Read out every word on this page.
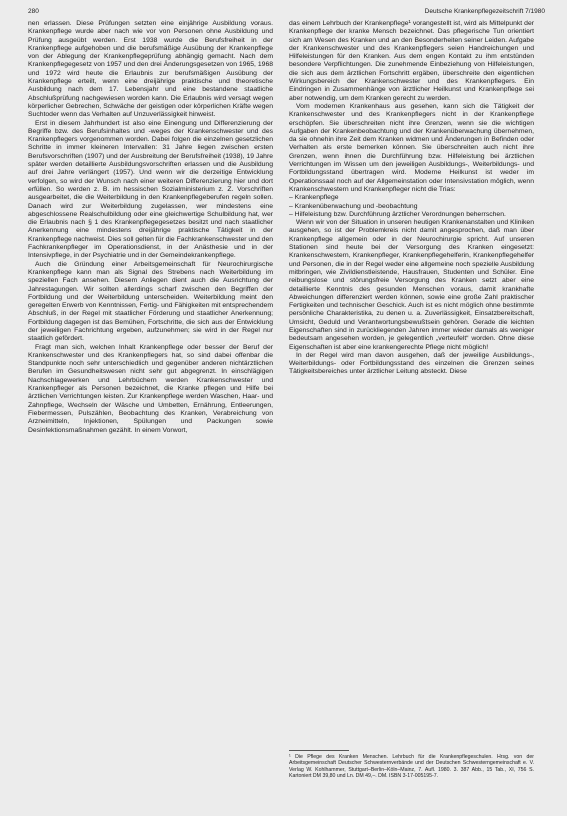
280	Deutsche Krankenpflegezeitschrift 7/1980

nen erlassen. Diese Prüfungen setzten eine einjährige Ausbildung voraus. Krankenpflege wurde aber nach wie vor von Personen ohne Ausbildung und Prüfung ausgeübt werden. Erst 1938 wurde die Berufsfreiheit in der Krankenpflege aufgehoben und die berufsmäßige Ausübung der Krankenpflege von der Ablegung der Krankenpflegeprüfung abhängig gemacht. Nach dem Krankenpflegegesetz von 1957 und den drei Änderungsgesetzen von 1965, 1968 und 1972 wird heute die Erlaubnis zur berufsmäßigen Ausübung der Krankenpflege erteilt, wenn eine dreijährige praktische und theoretische Ausbildung nach dem 17. Lebensjahr und eine bestandene staatliche Abschlußprüfung nachgewiesen worden kann. Die Erlaubnis wird versagt wegen körperlicher Gebrechen, Schwäche der geistigen oder körperlichen Kräfte wegen Suchtoder wenn das Verhalten auf Unzuverlässigkeit hinweist.

Erst in diesem Jahrhundert ist also eine Einengung und Differenzierung der Begriffe bzw. des Berufsinhaltes und -weges der Krankenschwester und des Krankenpflegers vorgenommen worden. Dabei folgen die einzelnen gesetzlichen Schritte in immer kleineren Intervallen: 31 Jahre liegen zwischen ersten Berufsvorschriften (1907) und der Ausbreitung der Berufsfreiheit (1938), 19 Jahre später werden detaillierte Ausbildungsvorschriften erlassen und die Ausbildung auf drei Jahre verlängert (1957). Und wenn wir die derzeitige Entwicklung verfolgen, so wird der Wunsch nach einer weiteren Differenzierung hier und dort erfüllen. So werden z. B. im hessischen Sozialministerium z. Z. Vorschriften ausgearbeitet, die die Weiterbildung in den Krankenpflegeberufen regeln sollen. Danach wird zur Weiterbildung zugelassen, wer mindestens eine abgeschlossene Realschulbildung oder eine gleichwertige Schulbildung hat, wer die Erlaubnis nach § 1 des Krankenpflegegesetzes besitzt und nach staatlicher Anerkennung eine mindestens dreijährige praktische Tätigkeit in der Krankenpflege nachweist. Dies soll gelten für die Fachkrankenschwester und den Fachkrankenpfleger im Operationsdienst, in der Anästhesie und in der Intensivpflege, in der Psychiatrie und in der Gemeindekrankenpflege.

Auch die Gründung einer Arbeitsgemeinschaft für Neurochirurgische Krankenpflege kann man als Signal des Strebens nach Weiterbildung im speziellen Fach ansehen. Diesem Anliegen dient auch die Ausrichtung der Jahrestagungen. Wir sollten allerdings scharf zwischen den Begriffen der Fortbildung und der Weiterbildung unterscheiden. Weiterbildung meint den geregelten Erwerb von Kenntnissen, Fertig- und Fähigkeiten mit entsprechendem Abschluß, in der Regel mit staatlicher Förderung und staatlicher Anerkennung; Fortbildung dagegen ist das Bemühen, Fortschritte, die sich aus der Entwicklung der jeweiligen Fachrichtung ergeben, aufzunehmen; sie wird in der Regel nur staatlich gefördert.

Fragt man sich, welchen Inhalt Krankenpflege oder besser der Beruf der Krankenschwester und des Krankenpflegers hat, so sind dabei offenbar die Standpunkte noch sehr unterschiedlich und gegenüber anderen nichtärztlichen Berufen im Gesundheitswesen nicht sehr gut abgegrenzt. In einschlägigen Nachschlagewerken und Lehrbüchern werden Krankenschwester und Krankenpfleger als Personen bezeichnet, die Kranke pflegen und Hilfe bei ärztlichen Verrichtungen leisten. Zur Krankenpflege werden Waschen, Haar- und Zahnpflege, Wechseln der Wäsche und Umbetten, Ernährung, Entleerungen, Fiebermessen, Pulszählen, Beobachtung des Kranken, Verabreichung von Arzneimitteln, Injektionen, Spülungen und Packungen sowie Desinfektionsmaßnahmen gezählt. In einem Vorwort,

das einem Lehrbuch der Krankenpflege¹ vorangestellt ist, wird als Mittelpunkt der Krankenpflege der kranke Mensch bezeichnet. Das pflegerische Tun orientiert sich am Wesen des Kranken und an den Besonderheiten seiner Leiden. Aufgabe der Krankenschwester und des Krankenpflegers seien Handreichungen und Hilfeleistungen für den Kranken. Aus dem engen Kontakt zu ihm entstünden besondere Verpflichtungen. Die zunehmende Einbeziehung von Hilfeleistungen, die sich aus dem ärztlichen Fortschritt ergäben, überschreite den eigentlichen Wirkungsbereich der Krankenschwester und des Krankenpflegers. Ein Eindringen in Zusammenhänge von ärztlicher Heilkunst und Krankenpflege sei aber notwendig, um dem Kranken gerecht zu werden.

Vom modernen Krankenhaus aus gesehen, kann sich die Tätigkeit der Krankenschwester und des Krankenpflegers nicht in der Krankenpflege erschöpfen. Sie überschreiten nicht ihre Grenzen, wenn sie die wichtigen Aufgaben der Krankenbeobachtung und der Krankenüberwachung übernehmen, da sie ohnehin ihre Zeit dem Kranken widmen und Änderungen in Befinden oder Verhalten als erste bemerken können. Sie überschreiten auch nicht ihre Grenzen, wenn ihnen die Durchführung bzw. Hilfeleistung bei ärztlichen Verrichtungen im Wissen um den jeweiligen Ausbildungs-, Weiterbildungs- und Fortbildungsstand übertragen wird. Moderne Heilkunst ist weder im Operationssaal noch auf der Allgemeinstation oder Intensivstation möglich, wenn Krankenschwestern und Krankenpfleger nicht die Trias:

– Krankenpflege

– Krankenüberwachung und -beobachtung

– Hilfeleistung bzw. Durchführung ärztlicher Verordnungen beherrschen.

Wenn wir von der Situation in unseren heutigen Krankenanstalten und Kliniken ausgehen, so ist der Problemkreis nicht damit angesprochen, daß man über Krankenpflege allgemein oder in der Neurochirurgie spricht. Auf unseren Stationen sind heute bei der Versorgung des Kranken eingesetzt: Krankenschwestern, Krankenpfleger, Krankenpflegehelferin, Krankenpflegehelfer und Personen, die in der Regel weder eine allgemeine noch spezielle Ausbildung mitbringen, wie Zivildienstleistende, Hausfrauen, Studenten und Schüler. Eine reibungslose und störungsfreie Versorgung des Kranken setzt aber eine detaillierte Kenntnis des gesunden Menschen voraus, damit krankhafte Abweichungen differenziert werden können, sowie eine große Zahl praktischer Fertigkeiten und technischer Geschick. Auch ist es nicht möglich ohne bestimmte persönliche Charakteristika, zu denen u. a. Zuverlässigkeit, Einsatzbereitschaft, Umsicht, Geduld und Verantwortungsbewußtsein gehören. Gerade die leichten Eigenschaften sind in zurückliegenden Jahren immer wieder damals als weniger bedeutsam angesehen worden, je gelegentlich „verteufelt“ worden. Ohne diese Eigenschaften ist aber eine krankengerechte Pflege nicht möglich!

In der Regel wird man davon ausgehen, daß der jeweilige Ausbildungs-, Weiterbildungs- oder Fortbildungsstand des einzelnen die Grenzen seines Tätigkeitsbereiches unter ärztlicher Leitung absteckt. Diese

¹ Die Pflege des Kranken Menschen. Lehrbuch für die Krankenpflegeschulen. Hrsg. von der Arbeitsgemeinschaft Deutscher Schwesternverbände und der Deutschen Schwesterngemeinschaft e. V. Verlag W. Kohlhammer, Stuttgart–Berlin–Köln–Mainz, 7. Aufl. 1980. 3. 387 Abb., 15 Tab., XI, 756 S. Kartoniert DM 39,80 und Ln. DM 49,–. DM. ISBN 3-17-005195-7.
